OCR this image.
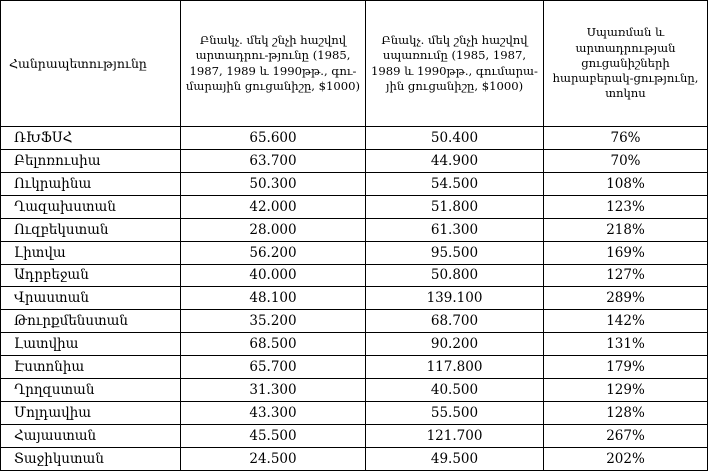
Հանրապետությունը	Բնակչ. մեկ շնչի հաշվով արտադրու-թյունը (1985, 1987, 1989 և 1990թթ., գու-մարային ցուցանիշը, $1000)	Բնակչ. մեկ շնչի հաշվով սպառումը (1985, 1987, 1989 և 1990թթ., գումարա-յին ցուցանիշը, $1000)	Սպառման և արտադրության ցուցանիշների հարաբերակ-ցությունը, տոկոս
ՌԽՖՍՀ	65.600	50.400	76%
Բելոռուսիա	63.700	44.900	70%
Ուկրաինա	50.300	54.500	108%
Ղազախստան	42.000	51.800	123%
Ուզբեկստան	28.000	61.300	218%
Լիտվա	56.200	95.500	169%
Ադրբեջան	40.000	50.800	127%
Վրաստան	48.100	139.100	289%
Թուրքմենստան	35.200	68.700	142%
Լատվիա	68.500	90.200	131%
Էստոնիա	65.700	117.800	179%
Ղրղզստան	31.300	40.500	129%
Մոլդավիա	43.300	55.500	128%
Հայաստան	45.500	121.700	267%
Տաջիկստան	24.500	49.500	202%
